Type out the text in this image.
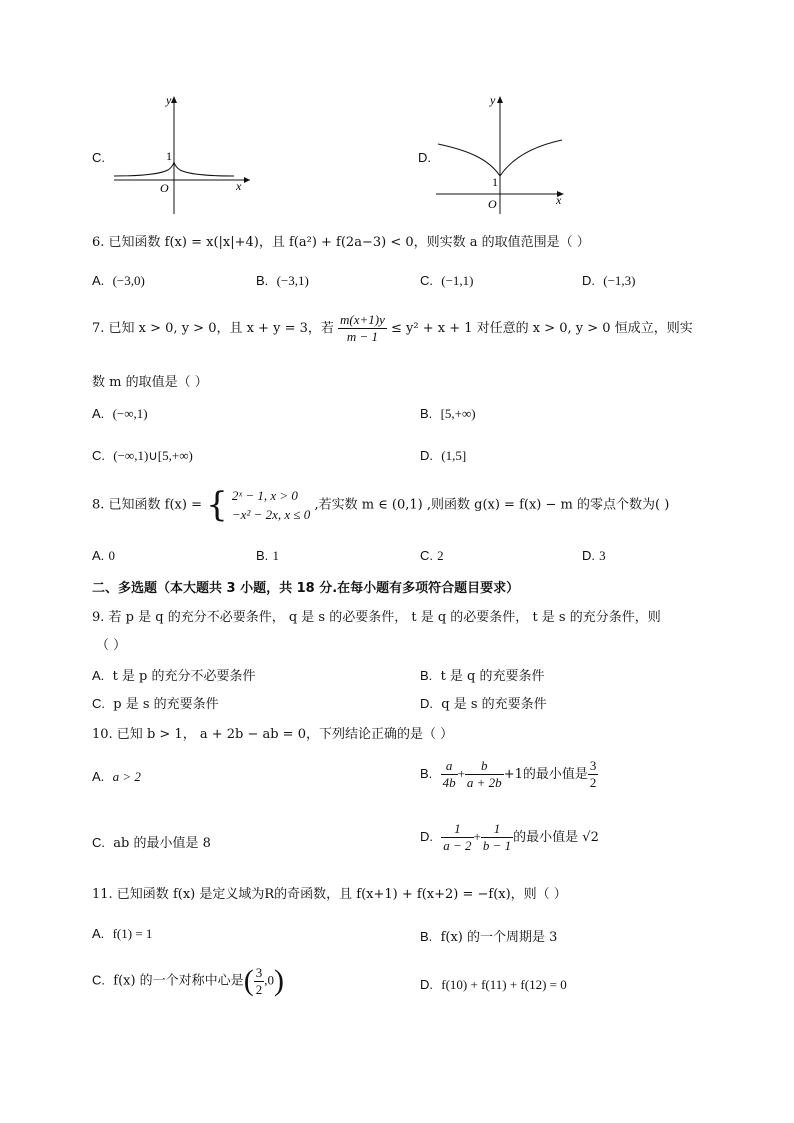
C.
y
x
O
1	D.
y
x
O
1
6. 已知函数 f(x) = x(|x|+4)，且 f(a²) + f(2a−3) < 0，则实数 a 的取值范围是（ ）
A. (−3,0)	B. (−3,1)	C. (−1,1)	D. (−1,3)
7. 已知 x > 0, y > 0，且 x + y = 3，若 $\frac{m(x+1)y}{m - 1} \le y^2 + x + 1$ 对任意的 x > 0, y > 0 恒成立，则实
数 m 的取值是（ ）
A. (−∞,1)	B. [5,+∞)
C. (−∞,1)∪[5,+∞)	D. (1,5]
8. 已知函数 f(x) = { 2ˣ − 1, x > 0
−x² − 2x, x ≤ 0
,若实数 m ∈ (0,1) ,则函数 g(x) = f(x) − m 的零点个数为( )
A. 0	B. 1	C. 2	D. 3
二、多选题（本大题共 3 小题，共 18 分.在每小题有多项符合题目要求）
9. 若 p 是 q 的充分不必要条件， q 是 s 的必要条件， t 是 q 的必要条件， t 是 s 的充分条件，则
（ ）
A. t 是 p 的充分不必要条件	B. t 是 q 的充要条件
C. p 是 s 的充要条件	D. q 是 s 的充要条件
10. 已知 b > 1， a + 2b − ab = 0，下列结论正确的是（ ）
A. a > 2	B. $\frac{a}{4b} + \frac{b}{a + 2b} +1$的最小值是 $\frac{3}{2}$
C. ab 的最小值是 8	D. $\frac{1}{a - 2} + \frac{1}{b - 1}$ 的最小值是 √2
11. 已知函数 f(x) 是定义域为R的奇函数，且 f(x+1) + f(x+2) = −f(x)，则（ ）
A. f(1) = 1	B. f(x) 的一个周期是 3
C. f(x) 的一个对称中心是( $\frac{3}{2} ,0$)	D. f(10) + f(11) + f(12) = 0
